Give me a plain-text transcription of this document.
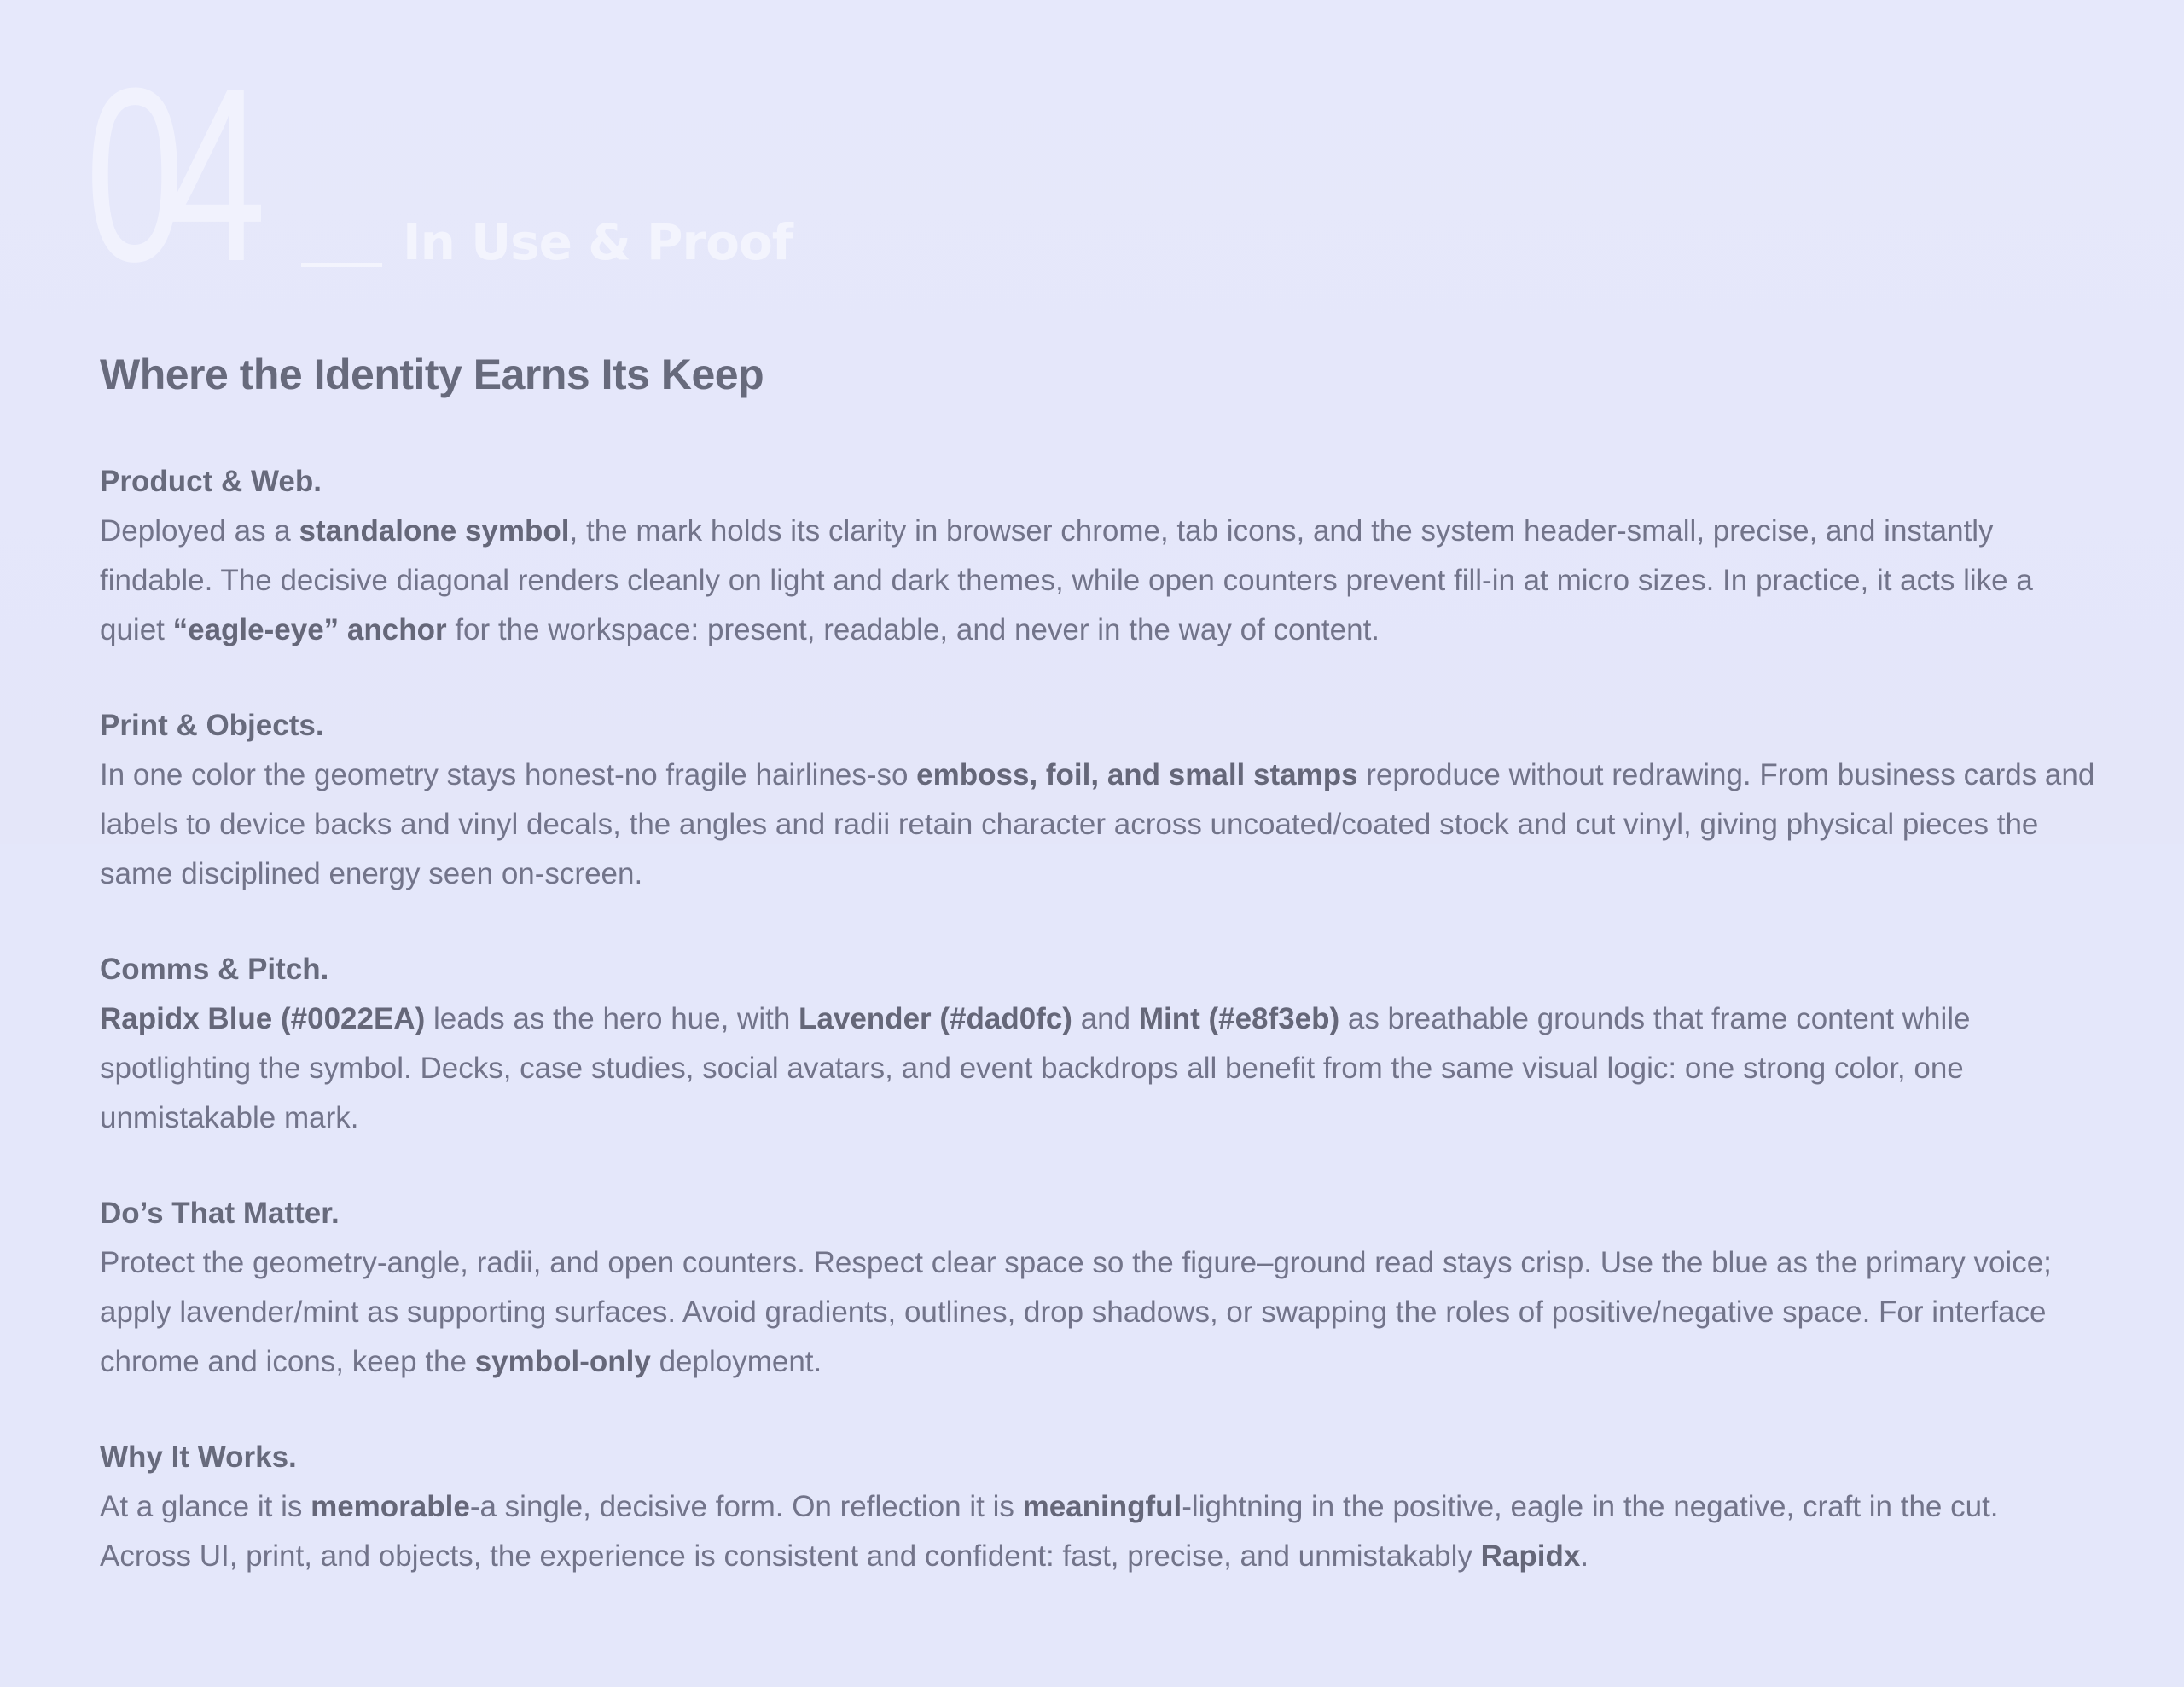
04	In Use & Proof
Where the Identity Earns Its Keep
Product & Web.

Deployed as a standalone symbol, the mark holds its clarity in browser chrome, tab icons, and the system header-small, precise, and instantly findable. The decisive diagonal renders cleanly on light and dark themes, while open counters prevent fill-in at micro sizes. In practice, it acts like a quiet “eagle-eye” anchor for the workspace: present, readable, and never in the way of content.

Print & Objects.

In one color the geometry stays honest-no fragile hairlines-so emboss, foil, and small stamps reproduce without redrawing. From business cards and labels to device backs and vinyl decals, the angles and radii retain character across uncoated/coated stock and cut vinyl, giving physical pieces the same disciplined energy seen on-screen.

Comms & Pitch.

Rapidx Blue (#0022EA) leads as the hero hue, with Lavender (#dad0fc) and Mint (#e8f3eb) as breathable grounds that frame content while spotlighting the symbol. Decks, case studies, social avatars, and event backdrops all benefit from the same visual logic: one strong color, one unmistakable mark.

Do’s That Matter.

Protect the geometry-angle, radii, and open counters. Respect clear space so the figure–ground read stays crisp. Use the blue as the primary voice; apply lavender/mint as supporting surfaces. Avoid gradients, outlines, drop shadows, or swapping the roles of positive/negative space. For interface chrome and icons, keep the symbol-only deployment.

Why It Works.

At a glance it is memorable-a single, decisive form. On reflection it is meaningful-lightning in the positive, eagle in the negative, craft in the cut. Across UI, print, and objects, the experience is consistent and confident: fast, precise, and unmistakably Rapidx.
